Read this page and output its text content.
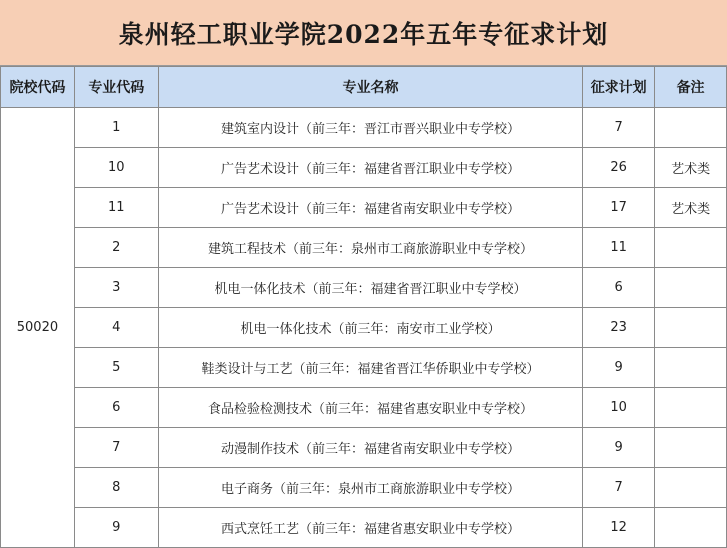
泉州轻工职业学院2022年五年专征求计划
院校代码	专业代码	专业名称	征求计划	备注
50020	1	建筑室内设计（前三年：晋江市晋兴职业中专学校）	7	
	10	广告艺术设计（前三年：福建省晋江职业中专学校）	26	艺术类
	11	广告艺术设计（前三年：福建省南安职业中专学校）	17	艺术类
	2	建筑工程技术（前三年：泉州市工商旅游职业中专学校）	11	
	3	机电一体化技术（前三年：福建省晋江职业中专学校）	6	
	4	机电一体化技术（前三年：南安市工业学校）	23	
	5	鞋类设计与工艺（前三年：福建省晋江华侨职业中专学校）	9	
	6	食品检验检测技术（前三年：福建省惠安职业中专学校）	10	
	7	动漫制作技术（前三年：福建省南安职业中专学校）	9	
	8	电子商务（前三年：泉州市工商旅游职业中专学校）	7	
	9	西式烹饪工艺（前三年：福建省惠安职业中专学校）	12	
